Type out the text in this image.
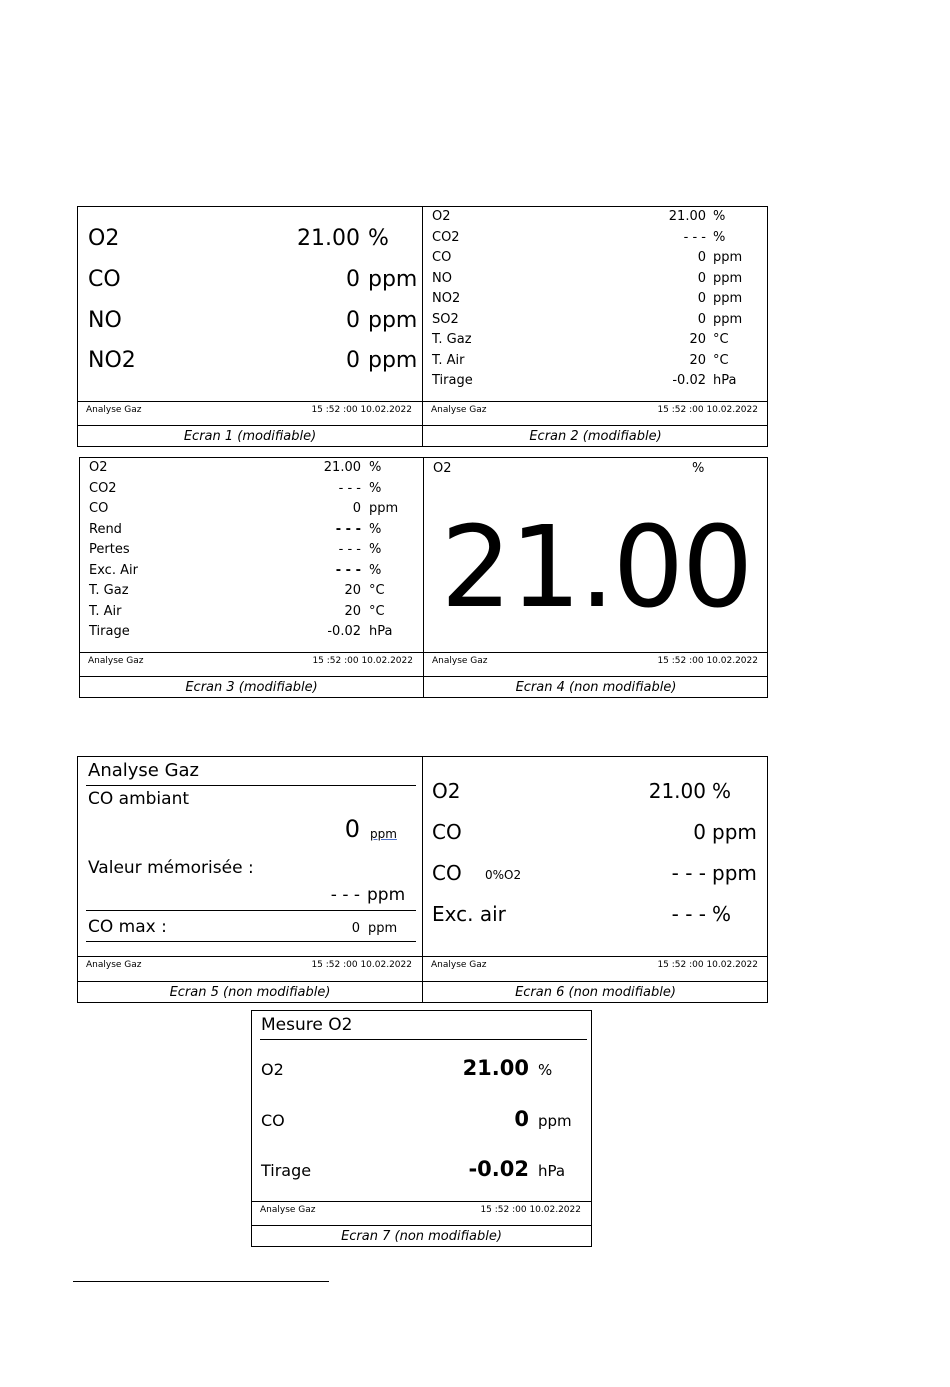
O2	21.00 %
CO	0 ppm
NO	0 ppm
NO2	0 ppm
Analyse Gaz	15 :52 :00 10.02.2022
Ecran 1 (modifiable)
O2	21.00 %
CO2	- - - %
CO	0 ppm
NO	0 ppm
NO2	0 ppm
SO2	0 ppm
T. Gaz	20 °C
T. Air	20 °C
Tirage	-0.02 hPa
Analyse Gaz	15 :52 :00 10.02.2022
Ecran 2 (modifiable)
O2	21.00 %
CO2	- - - %
CO	0 ppm
Rend	- - - %
Pertes	- - - %
Exc. Air	- - - %
T. Gaz	20 °C
T. Air	20 °C
Tirage	-0.02 hPa
Analyse Gaz	15 :52 :00 10.02.2022
Ecran 3 (modifiable)
O2	%
21.00
Analyse Gaz	15 :52 :00 10.02.2022
Ecran 4 (non modifiable)
Analyse Gaz
CO ambiant
0 ppm
Valeur mémorisée :
- - - ppm
CO max :	0 ppm
Analyse Gaz	15 :52 :00 10.02.2022
Ecran 5 (non modifiable)
O2	21.00 %
CO	0 ppm
CO 0%O2	- - - ppm
Exc. air	- - - %
Analyse Gaz	15 :52 :00 10.02.2022
Ecran 6 (non modifiable)
Mesure O2
O2	21.00 %
CO	0 ppm
Tirage	-0.02 hPa
Analyse Gaz	15 :52 :00 10.02.2022
Ecran 7 (non modifiable)
